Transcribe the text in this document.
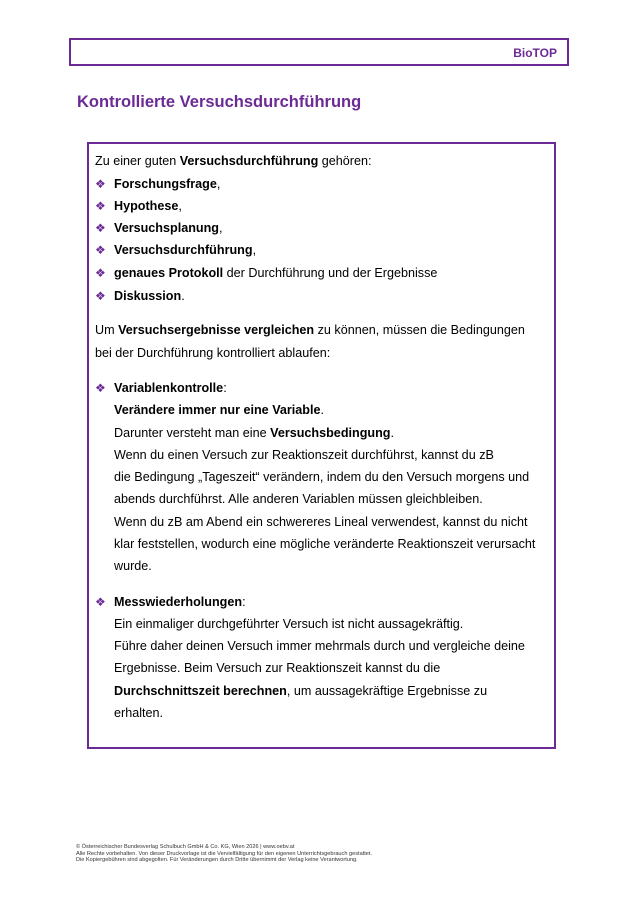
BioTOP
Kontrollierte Versuchsdurchführung
Zu einer guten Versuchsdurchführung gehören:
❖ Forschungsfrage,
❖ Hypothese,
❖ Versuchsplanung,
❖ Versuchsdurchführung,
❖ genaues Protokoll der Durchführung und der Ergebnisse
❖ Diskussion.
Um Versuchsergebnisse vergleichen zu können, müssen die Bedingungen
bei der Durchführung kontrolliert ablaufen:
❖ Variablenkontrolle:
Verändere immer nur eine Variable.
Darunter versteht man eine Versuchsbedingung.
Wenn du einen Versuch zur Reaktionszeit durchführst, kannst du zB
die Bedingung „Tageszeit“ verändern, indem du den Versuch morgens und
abends durchführst. Alle anderen Variablen müssen gleichbleiben.
Wenn du zB am Abend ein schwereres Lineal verwendest, kannst du nicht
klar feststellen, wodurch eine mögliche veränderte Reaktionszeit verursacht
wurde.
❖ Messwiederholungen:
Ein einmaliger durchgeführter Versuch ist nicht aussagekräftig.
Führe daher deinen Versuch immer mehrmals durch und vergleiche deine
Ergebnisse. Beim Versuch zur Reaktionszeit kannst du die
Durchschnittszeit berechnen, um aussagekräftige Ergebnisse zu
erhalten.
© Österreichischer Bundesverlag Schulbuch GmbH & Co. KG, Wien 2026 | www.oebv.at
Alle Rechte vorbehalten. Von dieser Druckvorlage ist die Vervielfältigung für den eigenen Unterrichtsgebrauch gestattet.
Die Kopiergebühren sind abgegolten. Für Veränderungen durch Dritte übernimmt der Verlag keine Verantwortung.
